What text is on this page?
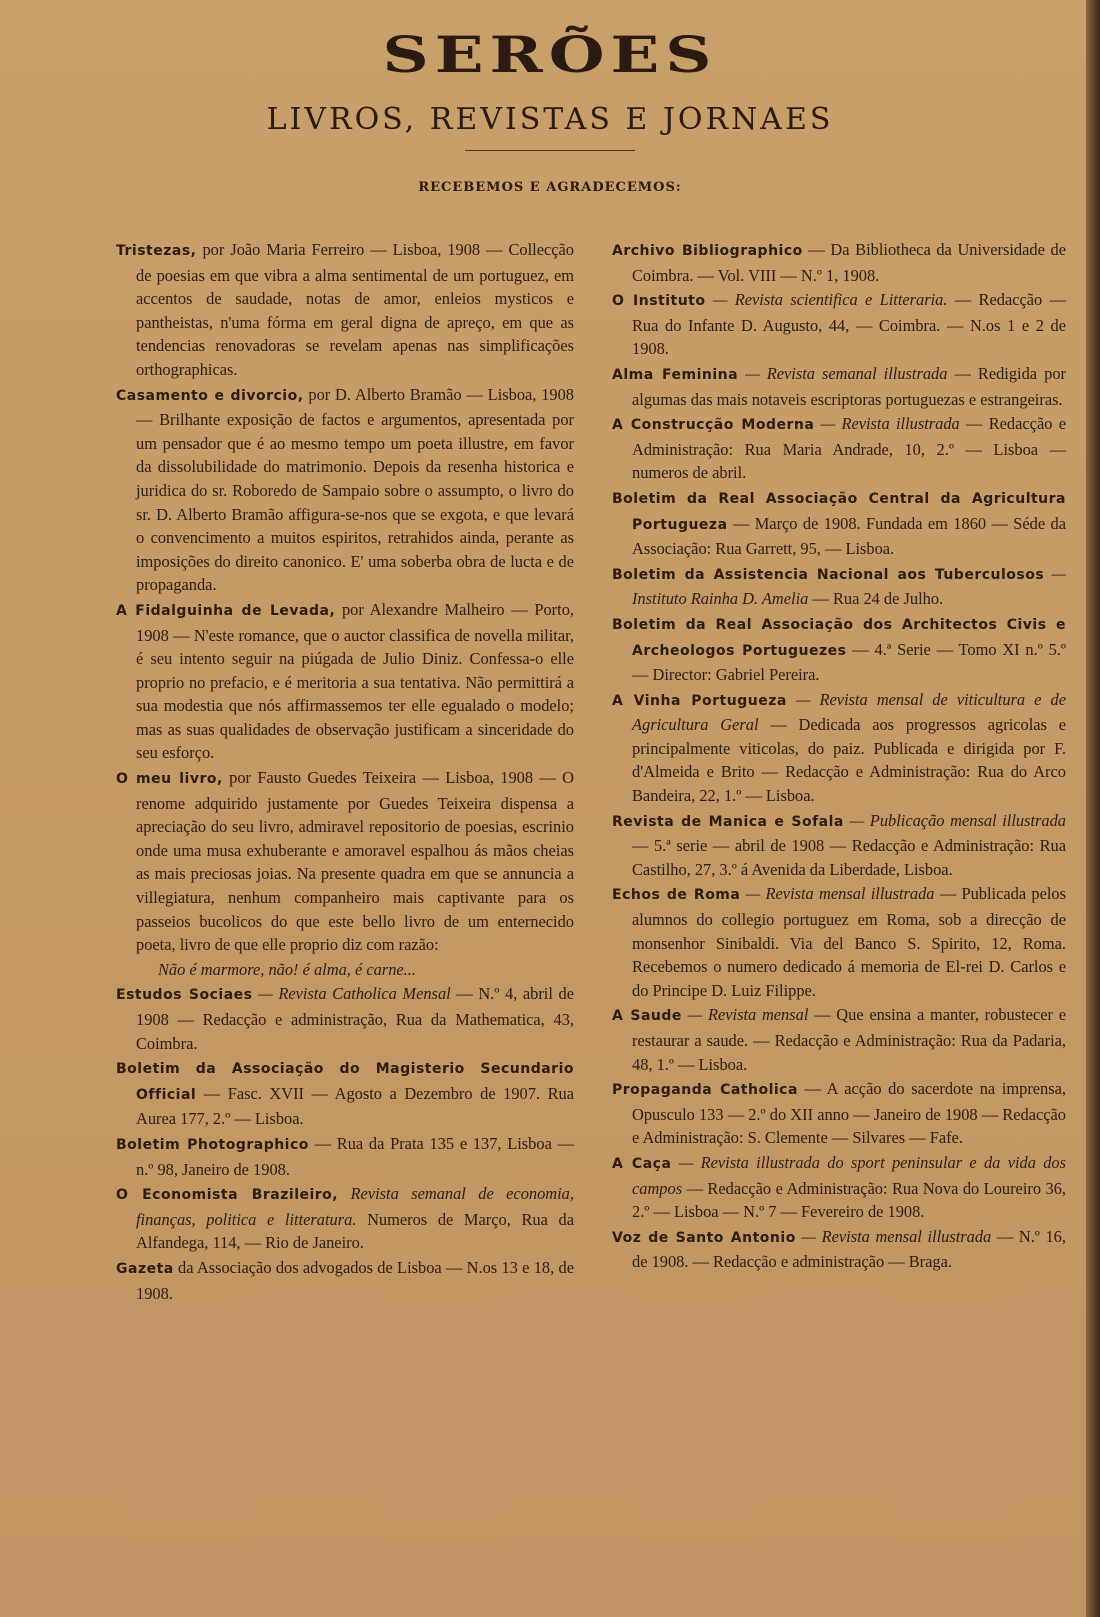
SERÕES
LIVROS, REVISTAS E JORNAES
RECEBEMOS E AGRADECEMOS:

Tristezas, por João Maria Ferreiro — Lisboa, 1908 — Collecção de poesias em que vibra a alma sentimental de um portuguez, em accentos de saudade, notas de amor, enleios mysticos e pantheistas, n'uma fórma em geral digna de apreço, em que as tendencias renovadoras se revelam apenas nas simplificações orthographicas.

Casamento e divorcio, por D. Alberto Bramão — Lisboa, 1908 — Brilhante exposição de factos e argumentos, apresentada por um pensador que é ao mesmo tempo um poeta illustre, em favor da dissolubilidade do matrimonio. Depois da resenha historica e juridica do sr. Roboredo de Sampaio sobre o assumpto, o livro do sr. D. Alberto Bramão affigura-se-nos que se exgota, e que levará o convencimento a muitos espiritos, retrahidos ainda, perante as imposições do direito canonico. E' uma soberba obra de lucta e de propaganda.

A Fidalguinha de Levada, por Alexandre Malheiro — Porto, 1908 — N'este romance, que o auctor classifica de novella militar, é seu intento seguir na piúgada de Julio Diniz. Confessa-o elle proprio no prefacio, e é meritoria a sua tentativa. Não permittirá a sua modestia que nós affirmassemos ter elle egualado o modelo; mas as suas qualidades de observação justificam a sinceridade do seu esforço.

O meu livro, por Fausto Guedes Teixeira — Lisboa, 1908 — O renome adquirido justamente por Guedes Teixeira dispensa a apreciação do seu livro, admiravel repositorio de poesias, escrinio onde uma musa exhuberante e amoravel espalhou ás mãos cheias as mais preciosas joias. Na presente quadra em que se annuncia a villegiatura, nenhum companheiro mais captivante para os passeios bucolicos do que este bello livro de um enternecido poeta, livro de que elle proprio diz com razão:

Não é marmore, não! é alma, é carne...

Estudos Sociaes — Revista Catholica Mensal — N.º 4, abril de 1908 — Redacção e administração, Rua da Mathematica, 43, Coimbra.

Boletim da Associação do Magisterio Secundario Official — Fasc. XVII — Agosto a Dezembro de 1907. Rua Aurea 177, 2.º — Lisboa.

Boletim Photographico — Rua da Prata 135 e 137, Lisboa — n.º 98, Janeiro de 1908.

O Economista Brazileiro, Revista semanal de economia, finanças, politica e litteratura. Numeros de Março, Rua da Alfandega, 114, — Rio de Janeiro.

Gazeta da Associação dos advogados de Lisboa — N.os 13 e 18, de 1908.

Archivo Bibliographico — Da Bibliotheca da Universidade de Coimbra. — Vol. VIII — N.º 1, 1908.

O Instituto — Revista scientifica e Litteraria. — Redacção — Rua do Infante D. Augusto, 44, — Coimbra. — N.os 1 e 2 de 1908.

Alma Feminina — Revista semanal illustrada — Redigida por algumas das mais notaveis escriptoras portuguezas e estrangeiras.

A Construcção Moderna — Revista illustrada — Redacção e Administração: Rua Maria Andrade, 10, 2.º — Lisboa — numeros de abril.

Boletim da Real Associação Central da Agricultura Portugueza — Março de 1908. Fundada em 1860 — Séde da Associação: Rua Garrett, 95, — Lisboa.

Boletim da Assistencia Nacional aos Tuberculosos — Instituto Rainha D. Amelia — Rua 24 de Julho.

Boletim da Real Associação dos Architectos Civis e Archeologos Portuguezes — 4.ª Serie — Tomo XI n.º 5.º — Director: Gabriel Pereira.

A Vinha Portugueza — Revista mensal de viticultura e de Agricultura Geral — Dedicada aos progressos agricolas e principalmente viticolas, do paiz. Publicada e dirigida por F. d'Almeida e Brito — Redacção e Administração: Rua do Arco Bandeira, 22, 1.º — Lisboa.

Revista de Manica e Sofala — Publicação mensal illustrada — 5.ª serie — abril de 1908 — Redacção e Administração: Rua Castilho, 27, 3.º á Avenida da Liberdade, Lisboa.

Echos de Roma — Revista mensal illustrada — Publicada pelos alumnos do collegio portuguez em Roma, sob a direcção de monsenhor Sinibaldi. Via del Banco S. Spirito, 12, Roma. Recebemos o numero dedicado á memoria de El-rei D. Carlos e do Principe D. Luiz Filippe.

A Saude — Revista mensal — Que ensina a manter, robustecer e restaurar a saude. — Redacção e Administração: Rua da Padaria, 48, 1.º — Lisboa.

Propaganda Catholica — A acção do sacerdote na imprensa, Opusculo 133 — 2.º do XII anno — Janeiro de 1908 — Redacção e Administração: S. Clemente — Silvares — Fafe.

A Caça — Revista illustrada do sport peninsular e da vida dos campos — Redacção e Administração: Rua Nova do Loureiro 36, 2.º — Lisboa — N.º 7 — Fevereiro de 1908.

Voz de Santo Antonio — Revista mensal illustrada — N.º 16, de 1908. — Redacção e administração — Braga.
